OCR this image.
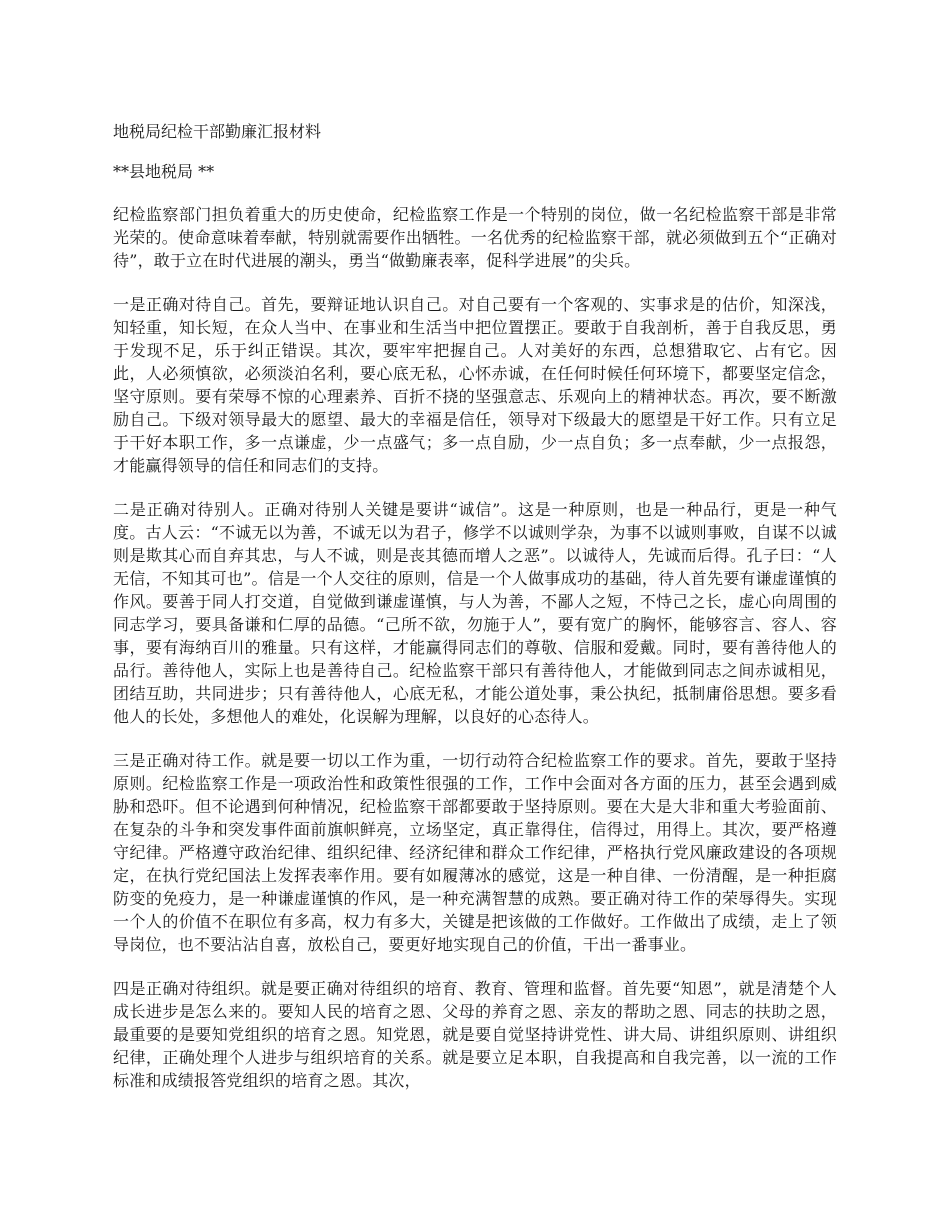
地税局纪检干部勤廉汇报材料
**县地税局 **

纪检监察部门担负着重大的历史使命，纪检监察工作是一个特别的岗位，做一名纪检监察干部是非常光荣的。使命意味着奉献，特别就需要作出牺牲。一名优秀的纪检监察干部，就必须做到五个“正确对待”，敢于立在时代进展的潮头，勇当“做勤廉表率，促科学进展”的尖兵。

一是正确对待自己。首先，要辩证地认识自己。对自己要有一个客观的、实事求是的估价，知深浅，知轻重，知长短，在众人当中、在事业和生活当中把位置摆正。要敢于自我剖析，善于自我反思，勇于发现不足，乐于纠正错误。其次，要牢牢把握自己。人对美好的东西，总想猎取它、占有它。因此，人必须慎欲，必须淡泊名利，要心底无私，心怀赤诚，在任何时候任何环境下，都要坚定信念，坚守原则。要有荣辱不惊的心理素养、百折不挠的坚强意志、乐观向上的精神状态。再次，要不断激励自己。下级对领导最大的愿望、最大的幸福是信任，领导对下级最大的愿望是干好工作。只有立足于干好本职工作，多一点谦虚，少一点盛气；多一点自励，少一点自负；多一点奉献，少一点报怨，才能赢得领导的信任和同志们的支持。

二是正确对待别人。正确对待别人关键是要讲“诚信”。这是一种原则，也是一种品行，更是一种气度。古人云：“不诚无以为善，不诚无以为君子，修学不以诚则学杂，为事不以诚则事败，自谋不以诚则是欺其心而自弃其忠，与人不诚，则是丧其德而增人之恶”。以诚待人，先诚而后得。孔子曰：“人无信，不知其可也”。信是一个人交往的原则，信是一个人做事成功的基础，待人首先要有谦虚谨慎的作风。要善于同人打交道，自觉做到谦虚谨慎，与人为善，不鄙人之短，不恃己之长，虚心向周围的同志学习，要具备谦和仁厚的品德。“己所不欲，勿施于人”，要有宽广的胸怀，能够容言、容人、容事，要有海纳百川的雅量。只有这样，才能赢得同志们的尊敬、信服和爱戴。同时，要有善待他人的品行。善待他人，实际上也是善待自己。纪检监察干部只有善待他人，才能做到同志之间赤诚相见，团结互助，共同进步；只有善待他人，心底无私，才能公道处事，秉公执纪，抵制庸俗思想。要多看他人的长处，多想他人的难处，化误解为理解，以良好的心态待人。

三是正确对待工作。就是要一切以工作为重，一切行动符合纪检监察工作的要求。首先，要敢于坚持原则。纪检监察工作是一项政治性和政策性很强的工作，工作中会面对各方面的压力，甚至会遇到威胁和恐吓。但不论遇到何种情况，纪检监察干部都要敢于坚持原则。要在大是大非和重大考验面前、在复杂的斗争和突发事件面前旗帜鲜亮，立场坚定，真正靠得住，信得过，用得上。其次，要严格遵守纪律。严格遵守政治纪律、组织纪律、经济纪律和群众工作纪律，严格执行党风廉政建设的各项规定，在执行党纪国法上发挥表率作用。要有如履薄冰的感觉，这是一种自律、一份清醒，是一种拒腐防变的免疫力，是一种谦虚谨慎的作风，是一种充满智慧的成熟。要正确对待工作的荣辱得失。实现一个人的价值不在职位有多高，权力有多大，关键是把该做的工作做好。工作做出了成绩，走上了领导岗位，也不要沾沾自喜，放松自己，要更好地实现自己的价值，干出一番事业。

四是正确对待组织。就是要正确对待组织的培育、教育、管理和监督。首先要“知恩”，就是清楚个人成长进步是怎么来的。要知人民的培育之恩、父母的养育之恩、亲友的帮助之恩、同志的扶助之恩，最重要的是要知党组织的培育之恩。知党恩，就是要自觉坚持讲党性、讲大局、讲组织原则、讲组织纪律，正确处理个人进步与组织培育的关系。就是要立足本职，自我提高和自我完善，以一流的工作标准和成绩报答党组织的培育之恩。其次，
